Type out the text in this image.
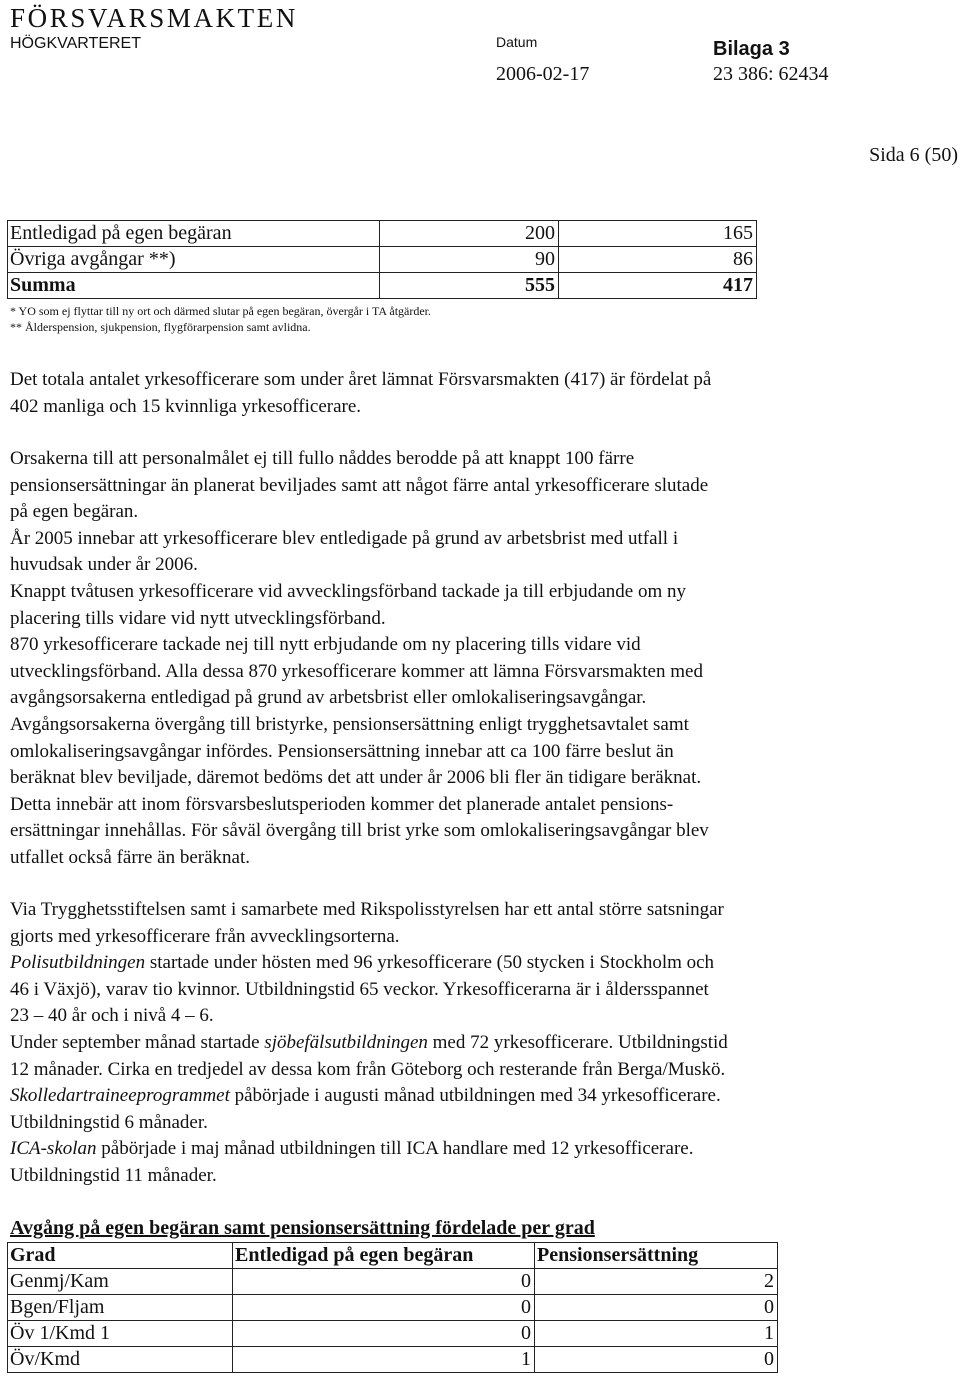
FÖRSVARSMAKTEN
HÖGKVARTERET	Datum	Bilaga 3
2006-02-17	23 386: 62434
Sida 6 (50)
Entledigad på egen begäran	200	165
Övriga avgångar **)	90	86
Summa	555	417
* YO som ej flyttar till ny ort och därmed slutar på egen begäran, övergår i TA åtgärder.
** Ålderspension, sjukpension, flygförarpension samt avlidna.

Det totala antalet yrkesofficerare som under året lämnat Försvarsmakten (417) är fördelat på
402 manliga och 15 kvinnliga yrkesofficerare.

Orsakerna till att personalmålet ej till fullo nåddes berodde på att knappt 100 färre
pensionsersättningar än planerat beviljades samt att något färre antal yrkesofficerare slutade
på egen begäran.
År 2005 innebar att yrkesofficerare blev entledigade på grund av arbetsbrist med utfall i
huvudsak under år 2006.
Knappt tvåtusen yrkesofficerare vid avvecklingsförband tackade ja till erbjudande om ny
placering tills vidare vid nytt utvecklingsförband.
870 yrkesofficerare tackade nej till nytt erbjudande om ny placering tills vidare vid
utvecklingsförband. Alla dessa 870 yrkesofficerare kommer att lämna Försvarsmakten med
avgångsorsakerna entledigad på grund av arbetsbrist eller omlokaliseringsavgångar.
Avgångsorsakerna övergång till bristyrke, pensionsersättning enligt trygghetsavtalet samt
omlokaliseringsavgångar infördes. Pensionsersättning innebar att ca 100 färre beslut än
beräknat blev beviljade, däremot bedöms det att under år 2006 bli fler än tidigare beräknat.
Detta innebär att inom försvarsbeslutsperioden kommer det planerade antalet pensions-
ersättningar innehållas. För såväl övergång till brist yrke som omlokaliseringsavgångar blev
utfallet också färre än beräknat.

Via Trygghetsstiftelsen samt i samarbete med Rikspolisstyrelsen har ett antal större satsningar
gjorts med yrkesofficerare från avvecklingsorterna.
Polisutbildningen startade under hösten med 96 yrkesofficerare (50 stycken i Stockholm och
46 i Växjö), varav tio kvinnor. Utbildningstid 65 veckor. Yrkesofficerarna är i åldersspannet
23 – 40 år och i nivå 4 – 6.
Under september månad startade sjöbefälsutbildningen med 72 yrkesofficerare. Utbildningstid
12 månader. Cirka en tredjedel av dessa kom från Göteborg och resterande från Berga/Muskö.
Skolledartraineeprogrammet påbörjade i augusti månad utbildningen med 34 yrkesofficerare.
Utbildningstid 6 månader.
ICA-skolan påbörjade i maj månad utbildningen till ICA handlare med 12 yrkesofficerare.
Utbildningstid 11 månader.

Avgång på egen begäran samt pensionsersättning fördelade per grad
Grad	Entledigad på egen begäran	Pensionsersättning
Genmj/Kam	0	2
Bgen/Fljam	0	0
Öv 1/Kmd 1	0	1
Öv/Kmd	1	0
